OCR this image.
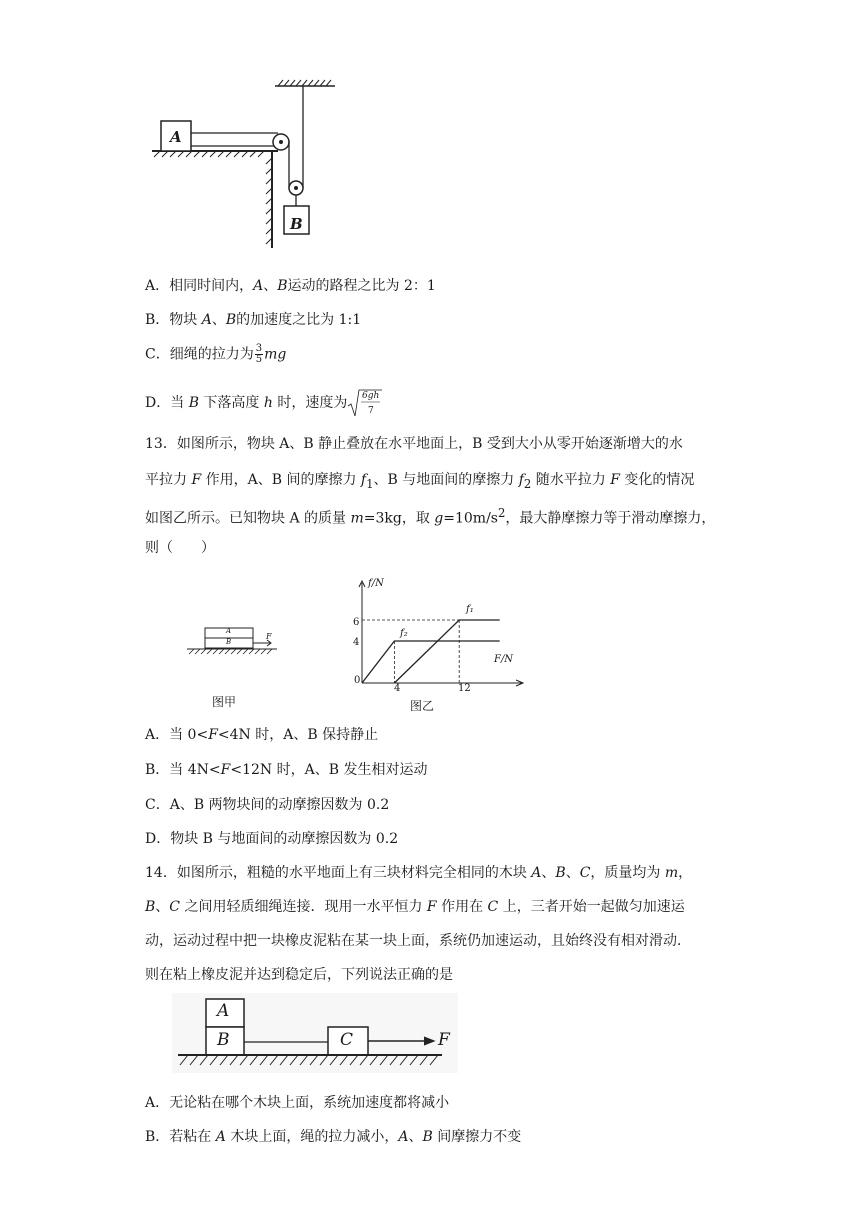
A
B
A．相同时间内，A、B运动的路程之比为 2：1
B．物块 A、B的加速度之比为 1:1
C．细绳的拉力为 $\frac{3}{5}$ mg
D．当 B 下落高度 h 时，速度为 6gh
7
13．如图所示，物块 A、B 静止叠放在水平地面上，B 受到大小从零开始逐渐增大的水
平拉力 F 作用，A、B 间的摩擦力 $f_1$、B 与地面间的摩擦力 $f_2$ 随水平拉力 F 变化的情况
如图乙所示。已知物块 A 的质量 m=3kg，取 $g=10m/s^2$，最大静摩擦力等于滑动摩擦力，
则（　　）
A
B
F
图甲
f/N
F/N
0
6
4
4	12
f₁
f₂
图乙
A．当 0<F<4N 时，A、B 保持静止
B．当 4N<F<12N 时，A、B 发生相对运动
C．A、B 两物块间的动摩擦因数为 0.2
D．物块 B 与地面间的动摩擦因数为 0.2
14．如图所示，粗糙的水平地面上有三块材料完全相同的木块 A、B、C，质量均为 m，
B、C 之间用轻质细绳连接．现用一水平恒力 F 作用在 C 上，三者开始一起做匀加速运
动，运动过程中把一块橡皮泥粘在某一块上面，系统仍加速运动，且始终没有相对滑动．
则在粘上橡皮泥并达到稳定后，下列说法正确的是
A
B	C	F
A．无论粘在哪个木块上面，系统加速度都将减小
B．若粘在 A 木块上面，绳的拉力减小，A、B 间摩擦力不变
